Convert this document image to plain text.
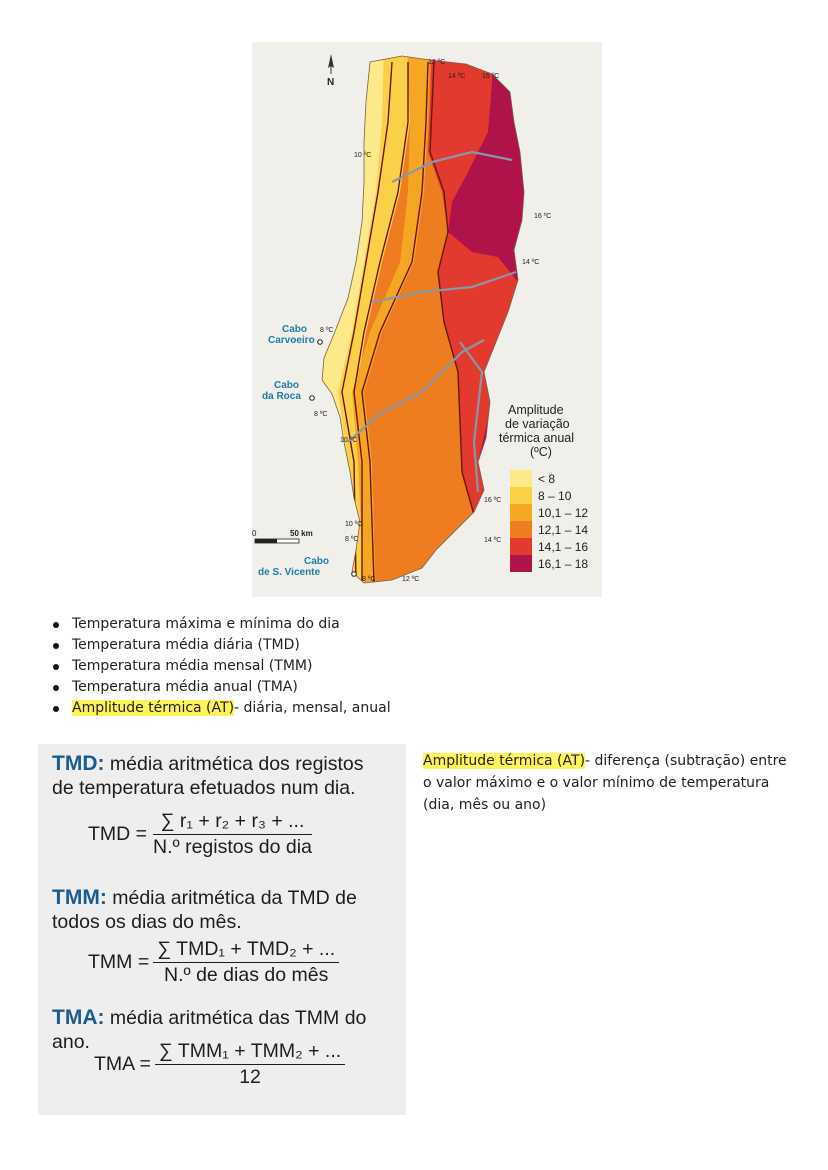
N
12 ºC
14 ºC 16 ºC
10 ºC
16 ºC
14 ºC
8 ºC
8 ºC
10 ºC
16 ºC
14 ºC
10 ºC
8 ºC
8 ºC	12 ºC
Cabo
Carvoeiro
Cabo
da Roca
Cabo
de S. Vicente
0	50 km
Amplitude
de variação
térmica anual
(ºC)
< 8
8 – 10
10,1 – 12
12,1 – 14
14,1 – 16
16,1 – 18
Temperatura máxima e mínima do dia
Temperatura média diária (TMD)
Temperatura média mensal (TMM)
Temperatura média anual (TMA)
Amplitude térmica (AT)- diária, mensal, anual
TMD: média aritmética dos registos
de temperatura efetuados num dia.
TMD = $\frac{\text{∑ r₁ + r₂ + r₃ + ...}}{\text{N.º registos do dia}}$
TMM: média aritmética da TMD de
todos os dias do mês.
TMM = $\frac{\text{∑ TMD₁ + TMD₂ + ...}}{\text{N.º de dias do mês}}$
TMA: média aritmética das TMM do
ano.
TMA = $\frac{\text{∑ TMM₁ + TMM₂ + ...}}{12}$
Amplitude térmica (AT)- diferença (subtração) entre o valor máximo e o valor mínimo de temperatura (dia, mês ou ano)
